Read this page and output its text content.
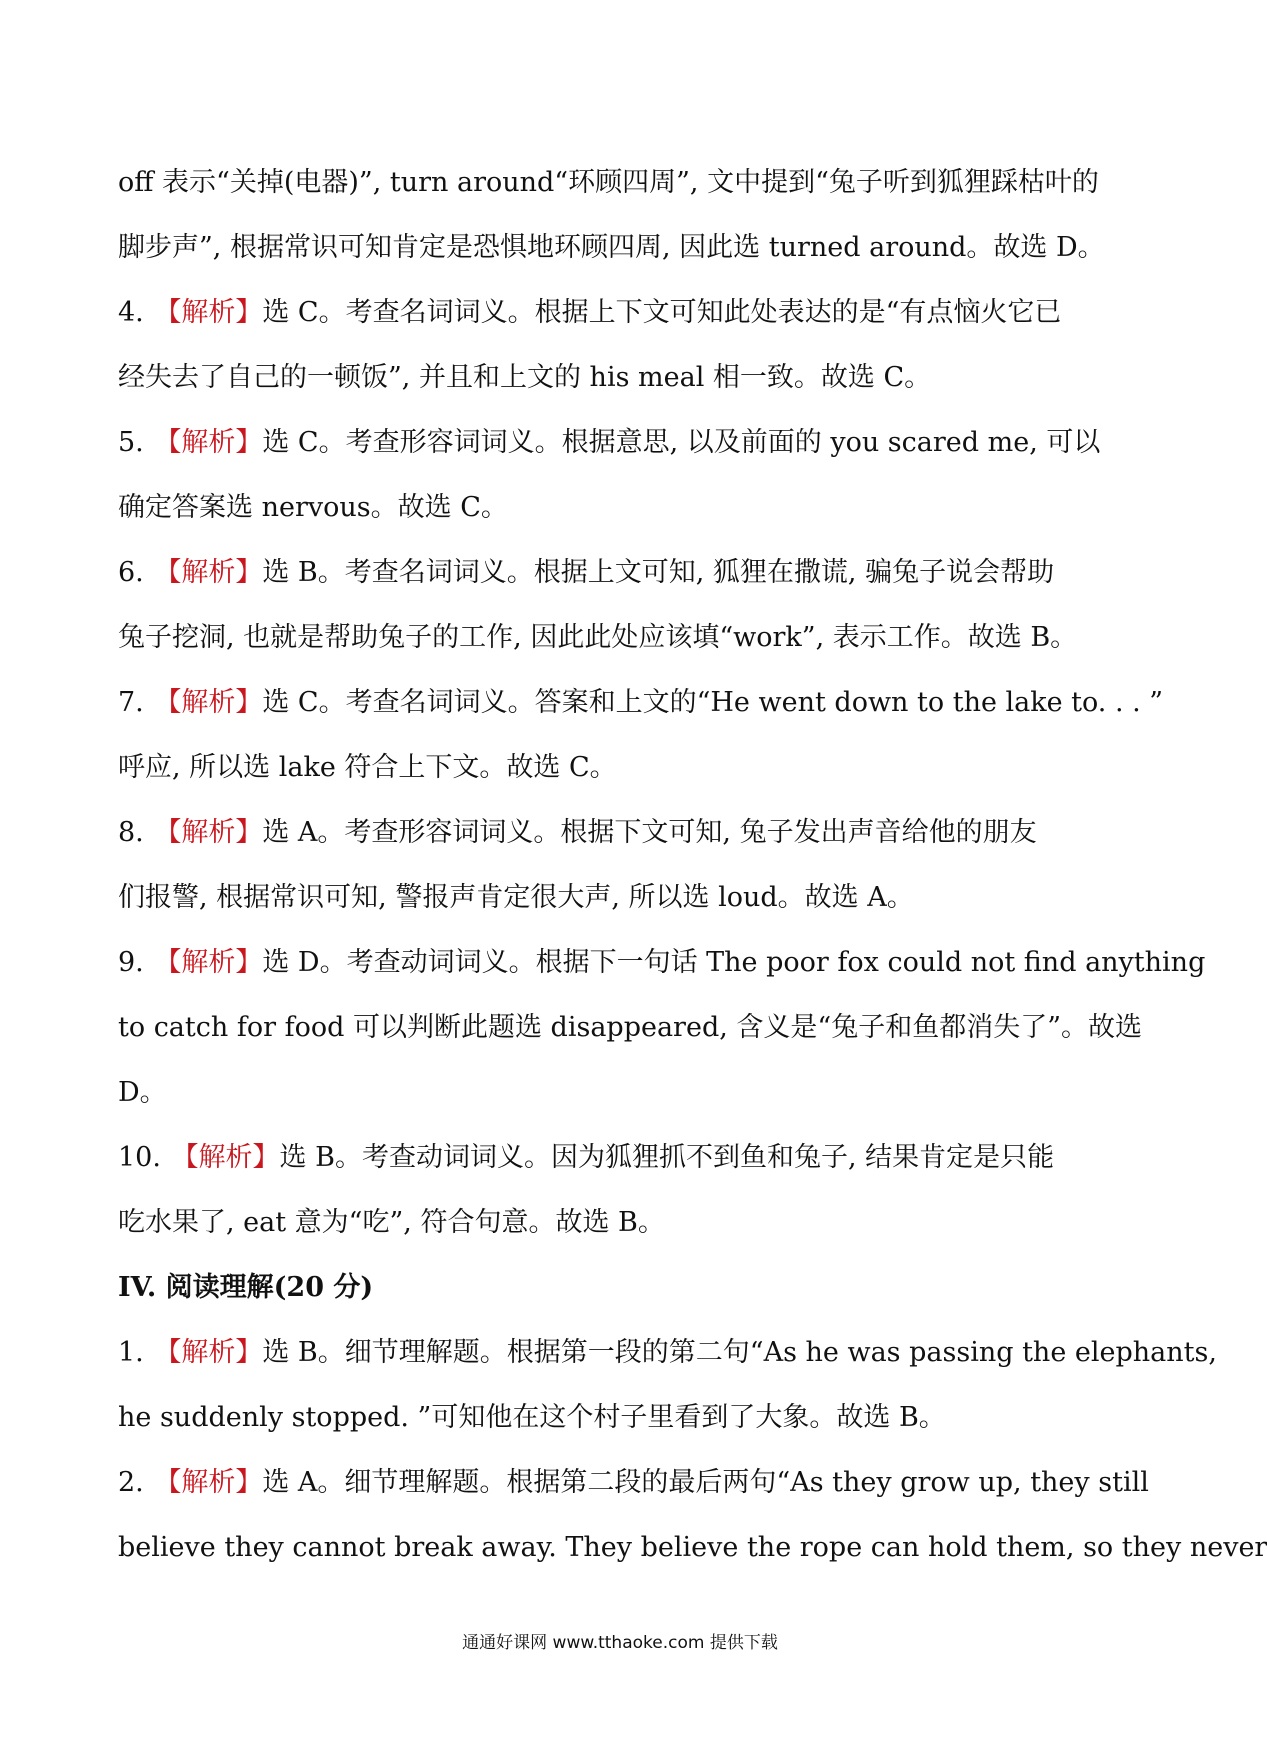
off 表示“关掉(电器)”, turn around“环顾四周”, 文中提到“兔子听到狐狸踩枯叶的
脚步声”, 根据常识可知肯定是恐惧地环顾四周, 因此选 turned around。故选 D。
4. 【解析】选 C。考查名词词义。根据上下文可知此处表达的是“有点恼火它已
经失去了自己的一顿饭”, 并且和上文的 his meal 相一致。故选 C。
5. 【解析】选 C。考查形容词词义。根据意思, 以及前面的 you scared me, 可以
确定答案选 nervous。故选 C。
6. 【解析】选 B。考查名词词义。根据上文可知, 狐狸在撒谎, 骗兔子说会帮助
兔子挖洞, 也就是帮助兔子的工作, 因此此处应该填“work”, 表示工作。故选 B。
7. 【解析】选 C。考查名词词义。答案和上文的“He went down to the lake to. . . ”
呼应, 所以选 lake 符合上下文。故选 C。
8. 【解析】选 A。考查形容词词义。根据下文可知, 兔子发出声音给他的朋友
们报警, 根据常识可知, 警报声肯定很大声, 所以选 loud。故选 A。
9. 【解析】选 D。考查动词词义。根据下一句话 The poor fox could not find anything
to catch for food 可以判断此题选 disappeared, 含义是“兔子和鱼都消失了”。故选
D。
10. 【解析】选 B。考查动词词义。因为狐狸抓不到鱼和兔子, 结果肯定是只能
吃水果了, eat 意为“吃”, 符合句意。故选 B。
IV. 阅读理解(20 分)
1. 【解析】选 B。细节理解题。根据第一段的第二句“As he was passing the elephants,
he suddenly stopped. ”可知他在这个村子里看到了大象。故选 B。
2. 【解析】选 A。细节理解题。根据第二段的最后两句“As they grow up, they still
believe they cannot break away. They believe the rope can hold them, so they never
通通好课网 www.tthaoke.com 提供下载
